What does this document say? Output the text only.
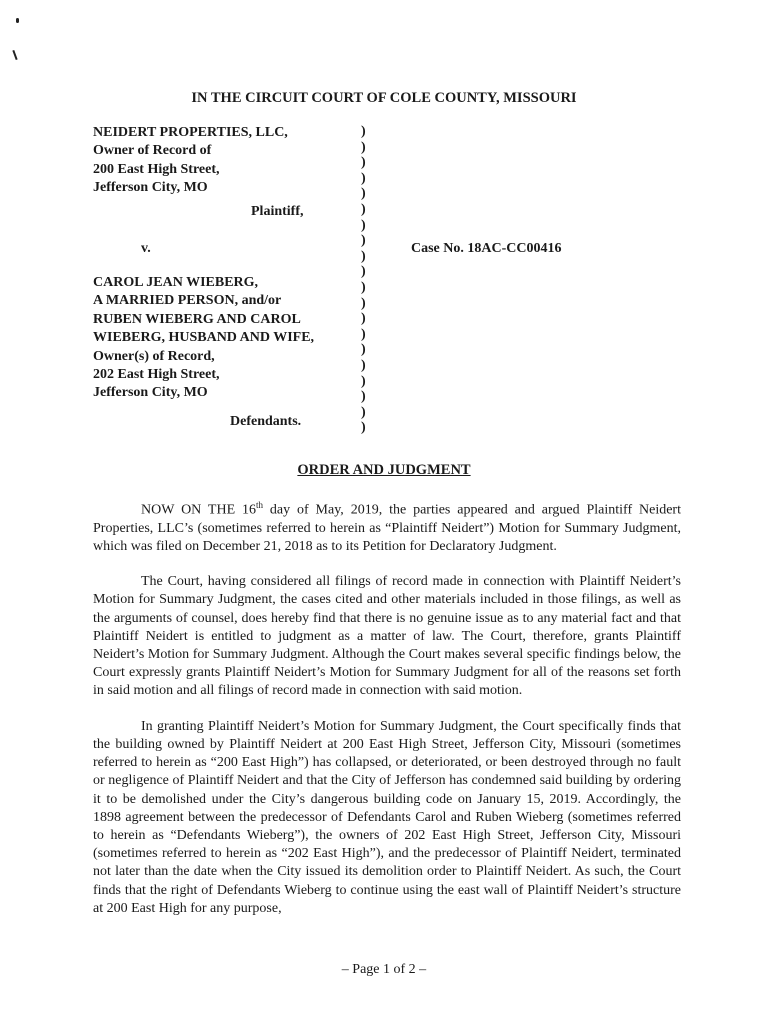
IN THE CIRCUIT COURT OF COLE COUNTY, MISSOURI
NEIDERT PROPERTIES, LLC,
Owner of Record of
200 East High Street,
Jefferson City, MO
Plaintiff,
v.
CAROL JEAN WIEBERG,
A MARRIED PERSON, and/or
RUBEN WIEBERG AND CAROL
WIEBERG, HUSBAND AND WIFE,
Owner(s) of Record,
202 East High Street,
Jefferson City, MO
Defendants.
)
)
)
)
)
)
)
)
)
)
)
)
)
)
)
)
)
)
)
)
Case No. 18AC-CC00416
ORDER AND JUDGMENT

NOW ON THE 16th day of May, 2019, the parties appeared and argued Plaintiff Neidert Properties, LLC’s (sometimes referred to herein as “Plaintiff Neidert”) Motion for Summary Judgment, which was filed on December 21, 2018 as to its Petition for Declaratory Judgment.

The Court, having considered all filings of record made in connection with Plaintiff Neidert’s Motion for Summary Judgment, the cases cited and other materials included in those filings, as well as the arguments of counsel, does hereby find that there is no genuine issue as to any material fact and that Plaintiff Neidert is entitled to judgment as a matter of law. The Court, therefore, grants Plaintiff Neidert’s Motion for Summary Judgment. Although the Court makes several specific findings below, the Court expressly grants Plaintiff Neidert’s Motion for Summary Judgment for all of the reasons set forth in said motion and all filings of record made in connection with said motion.

In granting Plaintiff Neidert’s Motion for Summary Judgment, the Court specifically finds that the building owned by Plaintiff Neidert at 200 East High Street, Jefferson City, Missouri (sometimes referred to herein as “200 East High”) has collapsed, or deteriorated, or been destroyed through no fault or negligence of Plaintiff Neidert and that the City of Jefferson has condemned said building by ordering it to be demolished under the City’s dangerous building code on January 15, 2019. Accordingly, the 1898 agreement between the predecessor of Defendants Carol and Ruben Wieberg (sometimes referred to herein as “Defendants Wieberg”), the owners of 202 East High Street, Jefferson City, Missouri (sometimes referred to herein as “202 East High”), and the predecessor of Plaintiff Neidert, terminated not later than the date when the City issued its demolition order to Plaintiff Neidert. As such, the Court finds that the right of Defendants Wieberg to continue using the east wall of Plaintiff Neidert’s structure at 200 East High for any purpose,

– Page 1 of 2 –
